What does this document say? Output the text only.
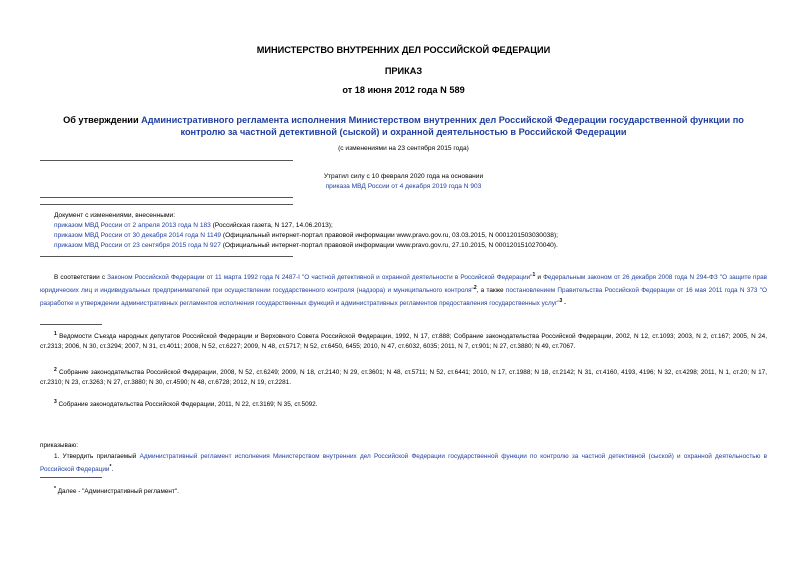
МИНИСТЕРСТВО ВНУТРЕННИХ ДЕЛ РОССИЙСКОЙ ФЕДЕРАЦИИ
ПРИКАЗ
от 18 июня 2012 года N 589
Об утверждении Административного регламента исполнения Министерством внутренних дел Российской Федерации государственной функции по контролю за частной детективной (сыской) и охранной деятельностью в Российской Федерации
(с изменениями на 23 сентября 2015 года)
Утратил силу с 10 февраля 2020 года на основании
приказа МВД России от 4 декабря 2019 года N 903
Документ с изменениями, внесенными:
приказом МВД России от 2 апреля 2013 года N 183 (Российская газета, N 127, 14.06.2013);
приказом МВД России от 30 декабря 2014 года N 1149 (Официальный интернет-портал правовой информации www.pravo.gov.ru, 03.03.2015, N 0001201503030038);
приказом МВД России от 23 сентября 2015 года N 927 (Официальный интернет-портал правовой информации www.pravo.gov.ru, 27.10.2015, N 0001201510270040).
В соответствии с Законом Российской Федерации от 11 марта 1992 года N 2487-I "О частной детективной и охранной деятельности в Российской Федерации"$^1$ и Федеральным законом от 26 декабря 2008 года N 294-ФЗ "О защите прав юридических лиц и индивидуальных предпринимателей при осуществлении государственного контроля (надзора) и муниципального контроля"$^2$, а также постановлением Правительства Российской Федерации от 16 мая 2011 года N 373 "О разработке и утверждении административных регламентов исполнения государственных функций и административных регламентов предоставления государственных услуг"$^3$ -
$^1$ Ведомости Съезда народных депутатов Российской Федерации и Верховного Совета Российской Федерации, 1992, N 17, ст.888; Собрание законодательства Российской Федерации, 2002, N 12, ст.1093; 2003, N 2, ст.167; 2005, N 24, ст.2313; 2006, N 30, ст.3294; 2007, N 31, ст.4011; 2008, N 52, ст.6227; 2009, N 48, ст.5717; N 52, ст.6450, 6455; 2010, N 47, ст.6032, 6035; 2011, N 7, ст.901; N 27, ст.3880; N 49, ст.7067.
$^2$ Собрание законодательства Российской Федерации, 2008, N 52, ст.6249; 2009, N 18, ст.2140; N 29, ст.3601; N 48, ст.5711; N 52, ст.6441; 2010, N 17, ст.1988; N 18, ст.2142; N 31, ст.4160, 4193, 4196; N 32, ст.4298; 2011, N 1, ст.20; N 17, ст.2310; N 23, ст.3263; N 27, ст.3880; N 30, ст.4590; N 48, ст.6728; 2012, N 19, ст.2281.
$^3$ Собрание законодательства Российской Федерации, 2011, N 22, ст.3169; N 35, ст.5092.
приказываю:
1. Утвердить прилагаемый Административный регламент исполнения Министерством внутренних дел Российской Федерации государственной функции по контролю за частной детективной (сыской) и охранной деятельностью в Российской Федерации*.
* Далее - "Административный регламент".
